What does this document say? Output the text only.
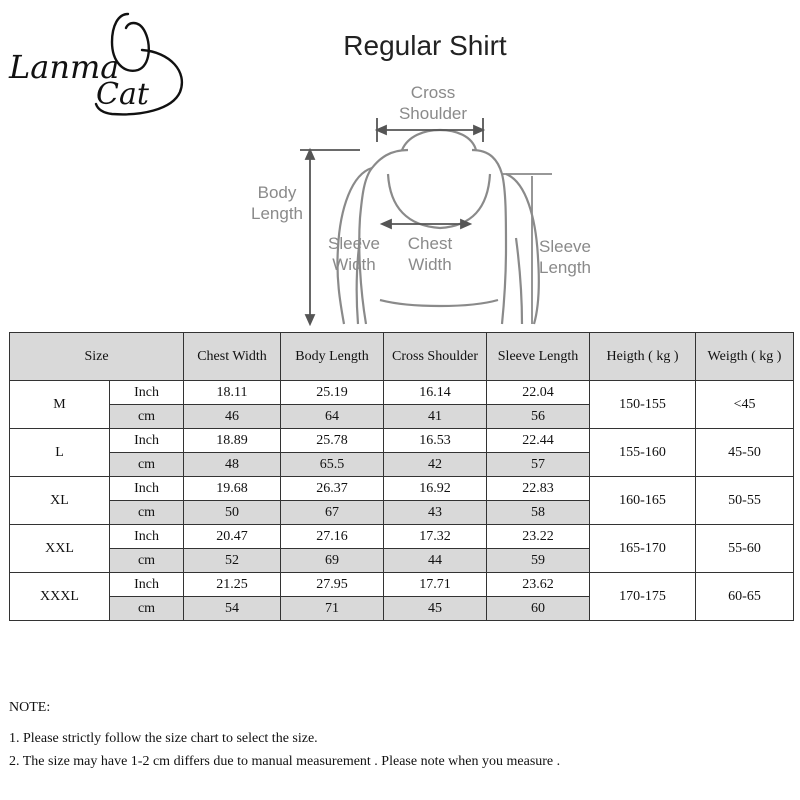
Lanma
Cat
Regular Shirt
Cross
Shoulder
Body
Length
Sleeve
Width
Chest
Width
Sleeve
Length
Size		Chest Width	Body Length	Cross Shoulder	Sleeve Length	Heigth ( kg )	Weigth ( kg )
M	Inch	18.11	25.19	16.14	22.04	150-155	<45
	cm	46	64	41	56		
L	Inch	18.89	25.78	16.53	22.44	155-160	45-50
	cm	48	65.5	42	57		
XL	Inch	19.68	26.37	16.92	22.83	160-165	50-55
	cm	50	67	43	58		
XXL	Inch	20.47	27.16	17.32	23.22	165-170	55-60
	cm	52	69	44	59		
XXXL	Inch	21.25	27.95	17.71	23.62	170-175	60-65
	cm	54	71	45	60		
NOTE:
1. Please strictly follow the size chart to select the size.
2. The size may have 1-2 cm differs due to manual measurement . Please note when you measure .
